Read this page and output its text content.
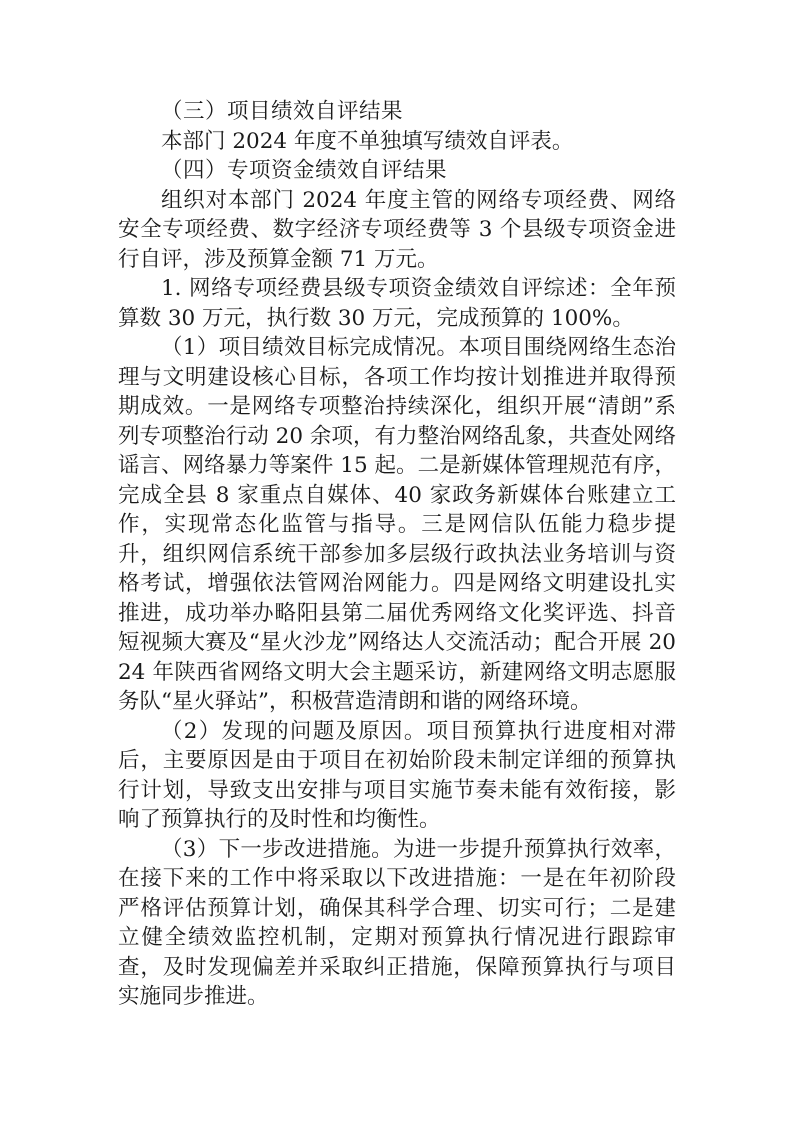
（三）项目绩效自评结果

本部门 2024 年度不单独填写绩效自评表。

（四）专项资金绩效自评结果

组织对本部门 2024 年度主管的网络专项经费、网络安全专项经费、数字经济专项经费等 3 个县级专项资金进行自评，涉及预算金额 71 万元。

1. 网络专项经费县级专项资金绩效自评综述：全年预算数 30 万元，执行数 30 万元，完成预算的 100%。

（1）项目绩效目标完成情况。本项目围绕网络生态治理与文明建设核心目标，各项工作均按计划推进并取得预期成效。一是网络专项整治持续深化，组织开展“清朗”系列专项整治行动 20 余项，有力整治网络乱象，共查处网络谣言、网络暴力等案件 15 起。二是新媒体管理规范有序，完成全县 8 家重点自媒体、40 家政务新媒体台账建立工作，实现常态化监管与指导。三是网信队伍能力稳步提升，组织网信系统干部参加多层级行政执法业务培训与资格考试，增强依法管网治网能力。四是网络文明建设扎实推进，成功举办略阳县第二届优秀网络文化奖评选、抖音短视频大赛及“星火沙龙”网络达人交流活动；配合开展 2024 年陕西省网络文明大会主题采访，新建网络文明志愿服务队“星火驿站”，积极营造清朗和谐的网络环境。

（2）发现的问题及原因。项目预算执行进度相对滞后，主要原因是由于项目在初始阶段未制定详细的预算执行计划，导致支出安排与项目实施节奏未能有效衔接，影响了预算执行的及时性和均衡性。

（3）下一步改进措施。为进一步提升预算执行效率，在接下来的工作中将采取以下改进措施：一是在年初阶段严格评估预算计划，确保其科学合理、切实可行；二是建立健全绩效监控机制，定期对预算执行情况进行跟踪审查，及时发现偏差并采取纠正措施，保障预算执行与项目实施同步推进。
